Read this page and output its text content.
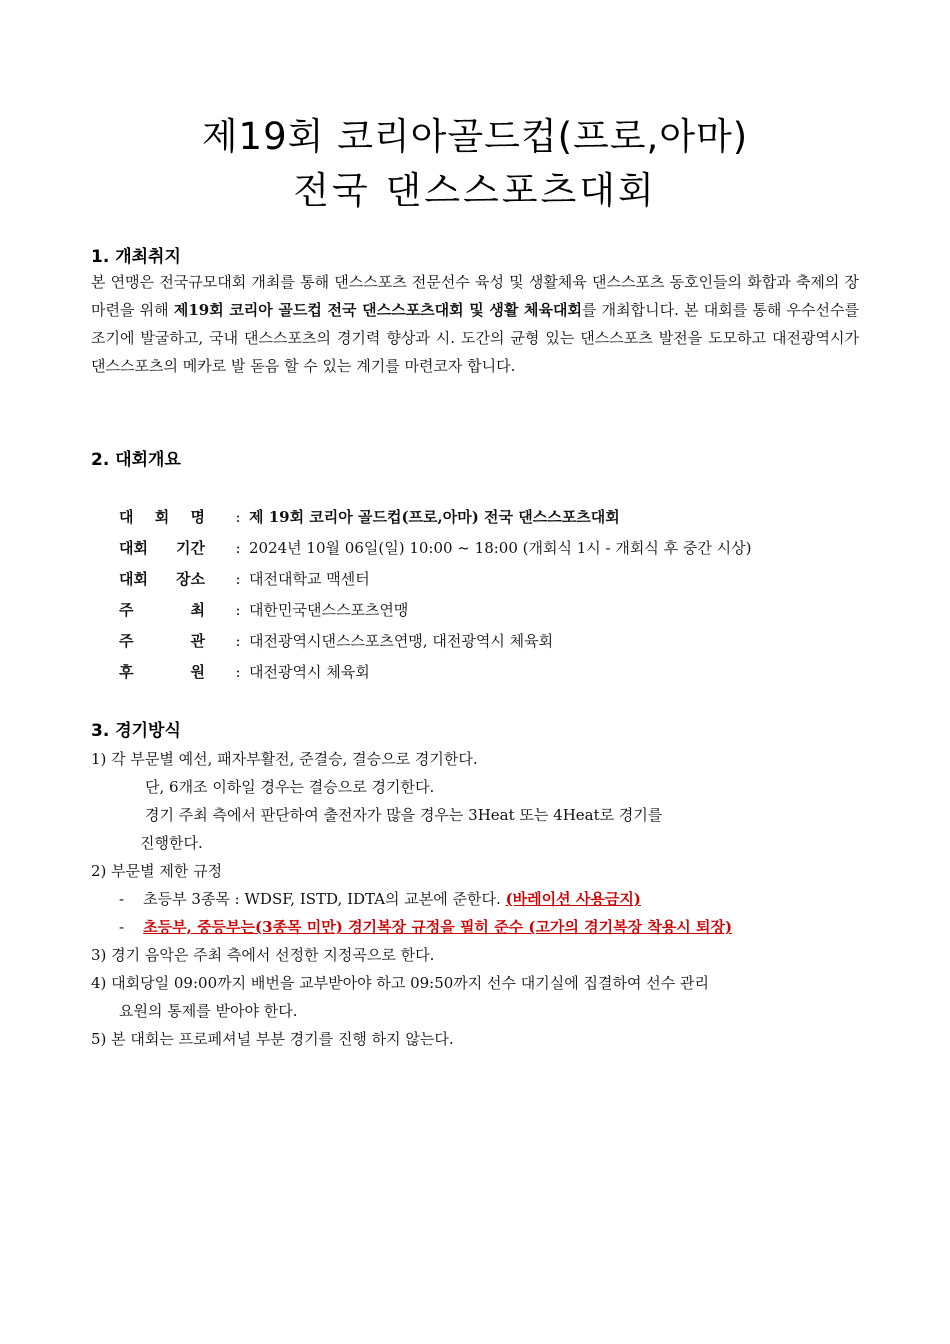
제19회 코리아골드컵(프로,아마)
전국 댄스스포츠대회
1. 개최취지
본 연맹은 전국규모대회 개최를 통해 댄스스포츠 전문선수 육성 및 생활체육 댄스스포츠 동호인들의 화합과 축제의 장 마련을 위해 제19회 코리아 골드컵 전국 댄스스포츠대회 및 생활 체육대회를 개최합니다. 본 대회를 통해 우수선수를 조기에 발굴하고, 국내 댄스스포츠의 경기력 향상과 시. 도간의 균형 있는 댄스스포츠 발전을 도모하고 대전광역시가 댄스스포츠의 메카로 발 돋음 할 수 있는 계기를 마련코자 합니다.
2. 대회개요
대 회 명 : 제 19회 코리아 골드컵(프로,아마) 전국 댄스스포츠대회
대회 기간 : 2024년 10월 06일(일) 10:00 ~ 18:00 (개회식 1시 - 개회식 후 중간 시상)
대회 장소 : 대전대학교 맥센터
주 최 : 대한민국댄스스포츠연맹
주 관 : 대전광역시댄스스포츠연맹, 대전광역시 체육회
후 원 : 대전광역시 체육회
3. 경기방식
1) 각 부문별 예선, 패자부활전, 준결승, 결승으로 경기한다.
단, 6개조 이하일 경우는 결승으로 경기한다.
경기 주최 측에서 판단하여 출전자가 많을 경우는 3Heat 또는 4Heat로 경기를
진행한다.
2) 부문별 제한 규정
- 초등부 3종목 : WDSF, ISTD, IDTA의 교본에 준한다. (바레이션 사용금지)
- 초등부, 중등부는(3종목 미만) 경기복장 규정을 필히 준수 (고가의 경기복장 착용시 퇴장)
3) 경기 음악은 주최 측에서 선정한 지정곡으로 한다.
4) 대회당일 09:00까지 배번을 교부받아야 하고 09:50까지 선수 대기실에 집결하여 선수 관리
요원의 통제를 받아야 한다.
5) 본 대회는 프로페셔널 부분 경기를 진행 하지 않는다.
